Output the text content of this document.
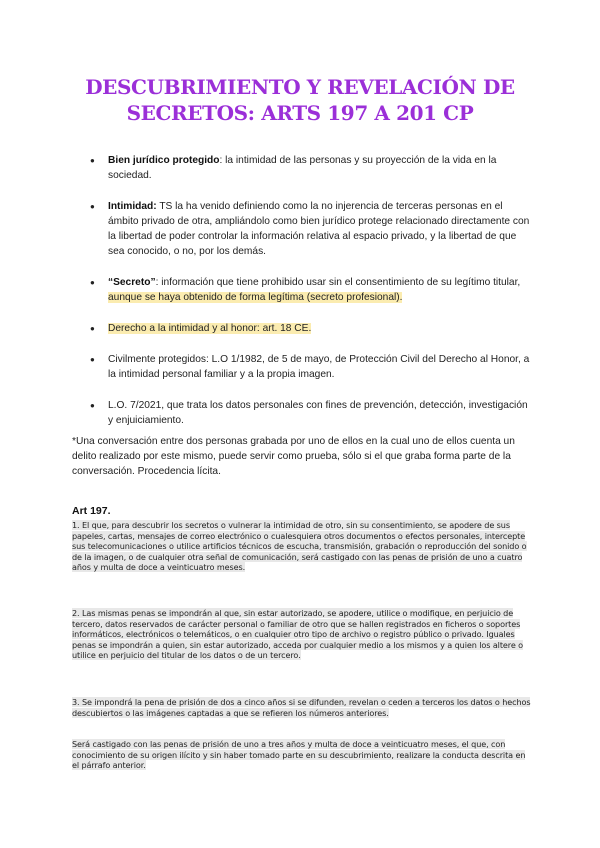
DESCUBRIMIENTO Y REVELACIÓN DE SECRETOS: ARTS 197 A 201 CP
● Bien jurídico protegido: la intimidad de las personas y su proyección de la vida en la sociedad.
● Intimidad: TS la ha venido definiendo como la no injerencia de terceras personas en el ámbito privado de otra, ampliándolo como bien jurídico protege relacionado directamente con la libertad de poder controlar la información relativa al espacio privado, y la libertad de que sea conocido, o no, por los demás.
● “Secreto”: información que tiene prohibido usar sin el consentimiento de su legítimo titular, aunque se haya obtenido de forma legítima (secreto profesional).
● Derecho a la intimidad y al honor: art. 18 CE.
● Civilmente protegidos: L.O 1/1982, de 5 de mayo, de Protección Civil del Derecho al Honor, a la intimidad personal familiar y a la propia imagen.
● L.O. 7/2021, que trata los datos personales con fines de prevención, detección, investigación y enjuiciamiento.

*Una conversación entre dos personas grabada por uno de ellos en la cual uno de ellos cuenta un delito realizado por este mismo, puede servir como prueba, sólo si el que graba forma parte de la conversación. Procedencia lícita.

Art 197.

1. El que, para descubrir los secretos o vulnerar la intimidad de otro, sin su consentimiento, se apodere de sus papeles, cartas, mensajes de correo electrónico o cualesquiera otros documentos o efectos personales, intercepte sus telecomunicaciones o utilice artificios técnicos de escucha, transmisión, grabación o reproducción del sonido o de la imagen, o de cualquier otra señal de comunicación, será castigado con las penas de prisión de uno a cuatro años y multa de doce a veinticuatro meses.

2. Las mismas penas se impondrán al que, sin estar autorizado, se apodere, utilice o modifique, en perjuicio de tercero, datos reservados de carácter personal o familiar de otro que se hallen registrados en ficheros o soportes informáticos, electrónicos o telemáticos, o en cualquier otro tipo de archivo o registro público o privado. Iguales penas se impondrán a quien, sin estar autorizado, acceda por cualquier medio a los mismos y a quien los altere o utilice en perjuicio del titular de los datos o de un tercero.

3. Se impondrá la pena de prisión de dos a cinco años si se difunden, revelan o ceden a terceros los datos o hechos descubiertos o las imágenes captadas a que se refieren los números anteriores.

Será castigado con las penas de prisión de uno a tres años y multa de doce a veinticuatro meses, el que, con conocimiento de su origen ilícito y sin haber tomado parte en su descubrimiento, realizare la conducta descrita en el párrafo anterior.
